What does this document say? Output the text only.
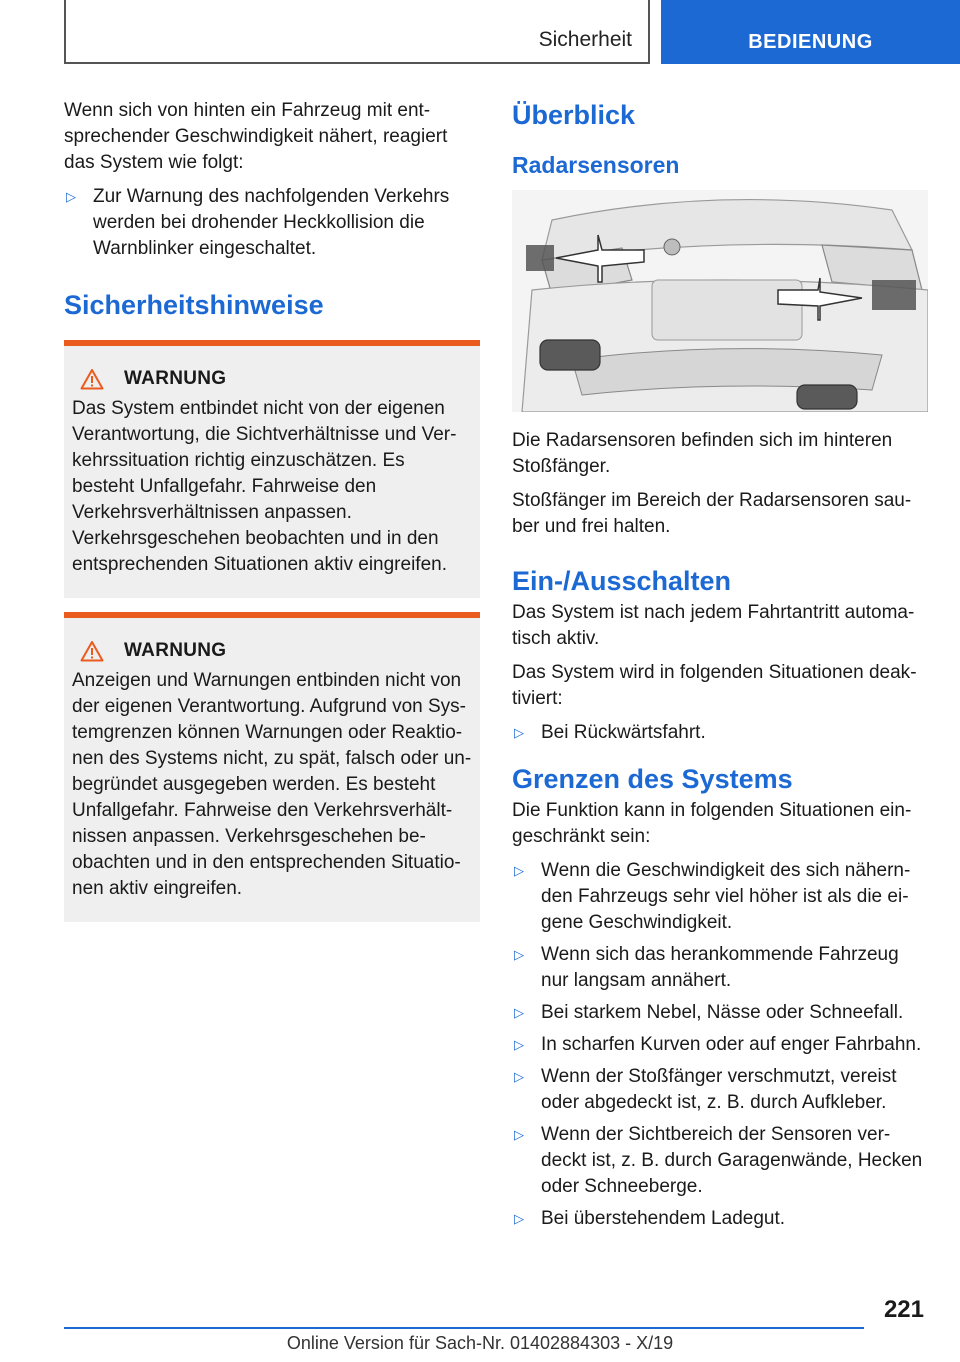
Sicherheit	BEDIENUNG

Wenn sich von hinten ein Fahrzeug mit entsprechender Geschwindigkeit nähert, reagiert das System wie folgt:

▷ Zur Warnung des nachfolgenden Verkehrs werden bei drohender Heckkollision die Warnblinker eingeschaltet.
Sicherheitshinweise
WARNUNG

Das System entbindet nicht von der eigenen Verantwortung, die Sichtverhältnisse und Verkehrssituation richtig einzuschätzen. Es besteht Unfallgefahr. Fahrweise den Verkehrsverhältnissen anpassen. Verkehrsgeschehen beobachten und in den entsprechenden Situationen aktiv eingreifen.

WARNUNG

Anzeigen und Warnungen entbinden nicht von der eigenen Verantwortung. Aufgrund von Systemgrenzen können Warnungen oder Reaktionen des Systems nicht, zu spät, falsch oder unbegründet ausgegeben werden. Es besteht Unfallgefahr. Fahrweise den Verkehrsverhältnissen anpassen. Verkehrsgeschehen beobachten und in den entsprechenden Situationen aktiv eingreifen.

Überblick
Radarsensoren

Die Radarsensoren befinden sich im hinteren Stoßfänger.

Stoßfänger im Bereich der Radarsensoren sauber und frei halten.

Ein-/Ausschalten

Das System ist nach jedem Fahrtantritt automatisch aktiv.

Das System wird in folgenden Situationen deaktiviert:

▷ Bei Rückwärtsfahrt.
Grenzen des Systems

Die Funktion kann in folgenden Situationen eingeschränkt sein:

▷ Wenn die Geschwindigkeit des sich nähernden Fahrzeugs sehr viel höher ist als die eigene Geschwindigkeit.
▷ Wenn sich das herankommende Fahrzeug nur langsam annähert.
▷ Bei starkem Nebel, Nässe oder Schneefall.
▷ In scharfen Kurven oder auf enger Fahrbahn.
▷ Wenn der Stoßfänger verschmutzt, vereist oder abgedeckt ist, z. B. durch Aufkleber.
▷ Wenn der Sichtbereich der Sensoren verdeckt ist, z. B. durch Garagenwände, Hecken oder Schneeberge.
▷ Bei überstehendem Ladegut.
221
Online Version für Sach-Nr. 01402884303 - X/19
